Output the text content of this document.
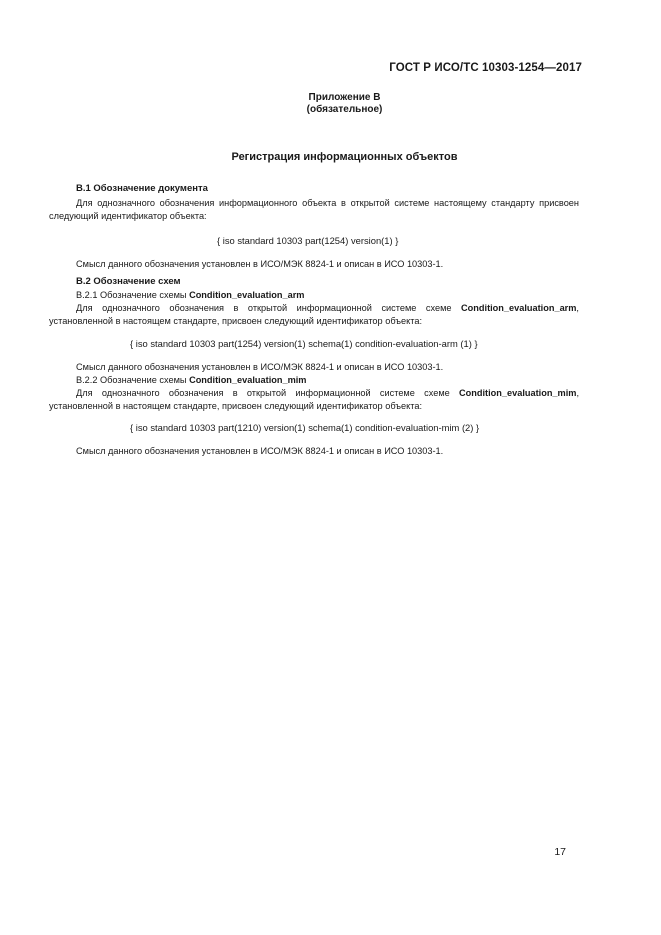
ГОСТ Р ИСО/ТС 10303-1254—2017
Приложение B
(обязательное)
Регистрация информационных объектов
B.1 Обозначение документа

Для однозначного обозначения информационного объекта в открытой системе настоящему стандарту присвоен следующий идентификатор объекта:

{ iso standard 10303 part(1254) version(1) }
Смысл данного обозначения установлен в ИСО/МЭК 8824-1 и описан в ИСО 10303-1.
B.2 Обозначение схем
B.2.1 Обозначение схемы Condition_evaluation_arm

Для однозначного обозначения в открытой информационной системе схеме Condition_evaluation_arm, установленной в настоящем стандарте, присвоен следующий идентификатор объекта:

{ iso standard 10303 part(1254) version(1) schema(1) condition-evaluation-arm (1) }
Смысл данного обозначения установлен в ИСО/МЭК 8824-1 и описан в ИСО 10303-1.
B.2.2 Обозначение схемы Condition_evaluation_mim

Для однозначного обозначения в открытой информационной системе схеме Condition_evaluation_mim, установленной в настоящем стандарте, присвоен следующий идентификатор объекта:

{ iso standard 10303 part(1210) version(1) schema(1) condition-evaluation-mim (2) }
Смысл данного обозначения установлен в ИСО/МЭК 8824-1 и описан в ИСО 10303-1.
17
